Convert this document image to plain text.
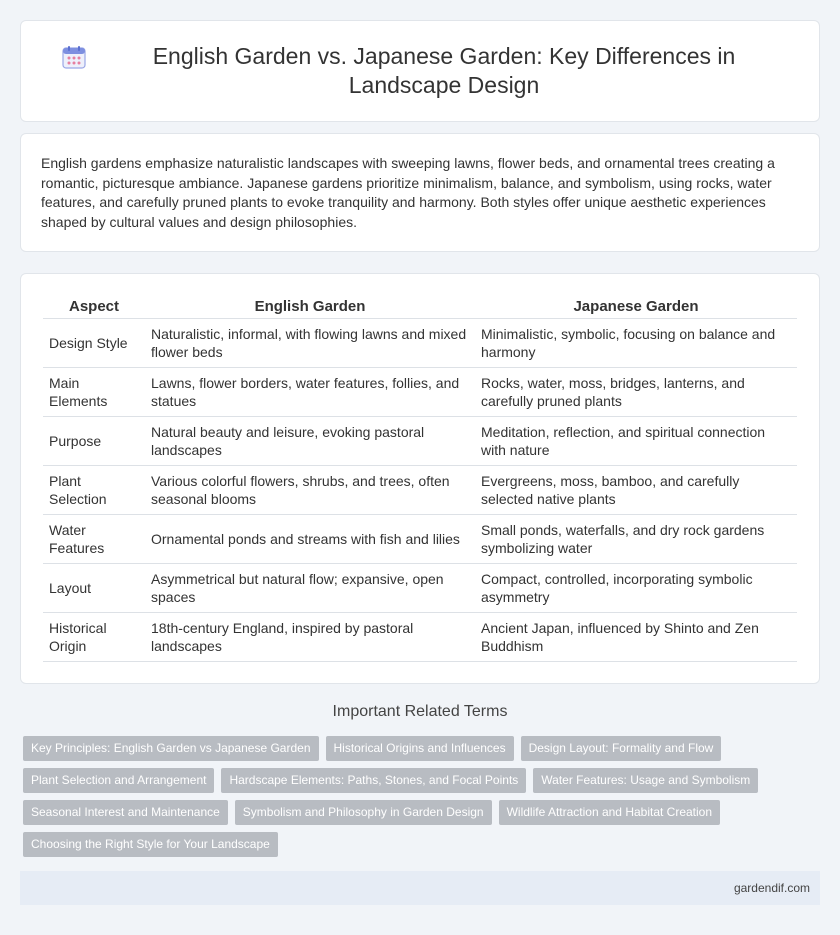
English Garden vs. Japanese Garden: Key Differences in Landscape Design

English gardens emphasize naturalistic landscapes with sweeping lawns, flower beds, and ornamental trees creating a romantic, picturesque ambiance. Japanese gardens prioritize minimalism, balance, and symbolism, using rocks, water features, and carefully pruned plants to evoke tranquility and harmony. Both styles offer unique aesthetic experiences shaped by cultural values and design philosophies.

Aspect	English Garden	Japanese Garden
Design Style	Naturalistic, informal, with flowing lawns and mixed flower beds	Minimalistic, symbolic, focusing on balance and harmony
Main Elements	Lawns, flower borders, water features, follies, and statues	Rocks, water, moss, bridges, lanterns, and carefully pruned plants
Purpose	Natural beauty and leisure, evoking pastoral landscapes	Meditation, reflection, and spiritual connection with nature
Plant Selection	Various colorful flowers, shrubs, and trees, often seasonal blooms	Evergreens, moss, bamboo, and carefully selected native plants
Water Features	Ornamental ponds and streams with fish and lilies	Small ponds, waterfalls, and dry rock gardens symbolizing water
Layout	Asymmetrical but natural flow; expansive, open spaces	Compact, controlled, incorporating symbolic asymmetry
Historical Origin	18th-century England, inspired by pastoral landscapes	Ancient Japan, influenced by Shinto and Zen Buddhism
Important Related Terms
Key Principles: English Garden vs Japanese Garden	Historical Origins and Influences	Design Layout: Formality and Flow
Plant Selection and Arrangement	Hardscape Elements: Paths, Stones, and Focal Points	Water Features: Usage and Symbolism
Seasonal Interest and Maintenance	Symbolism and Philosophy in Garden Design	Wildlife Attraction and Habitat Creation
Choosing the Right Style for Your Landscape
gardendif.com
